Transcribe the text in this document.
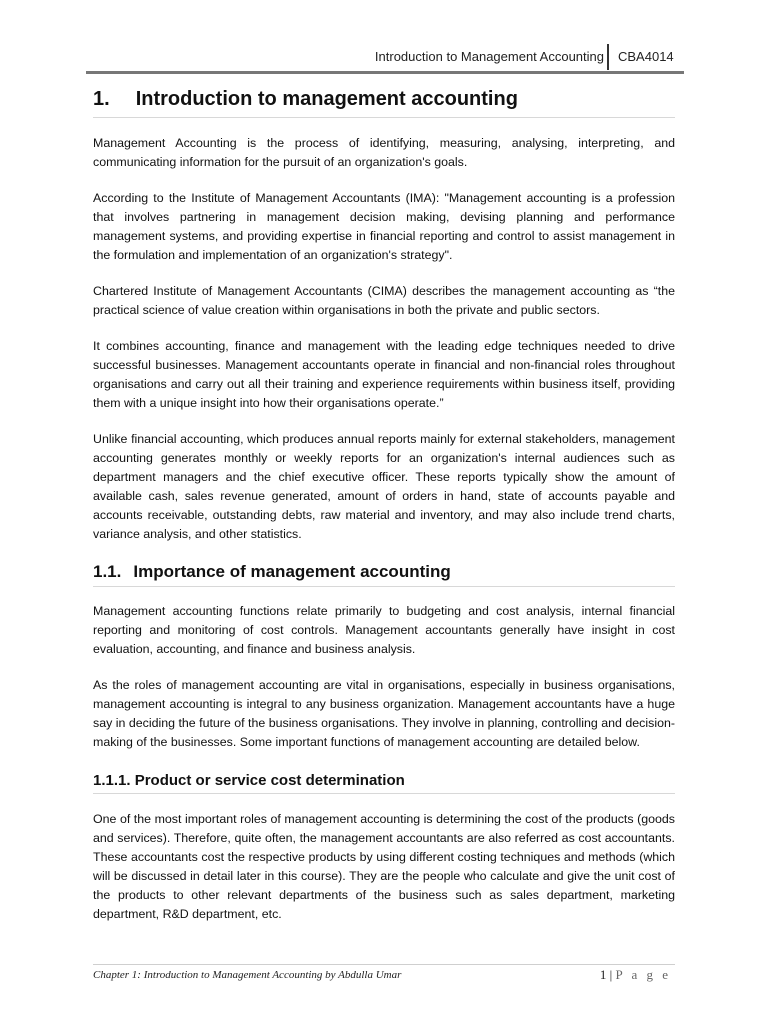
Introduction to Management Accounting CBA4014
1. Introduction to management accounting

Management Accounting is the process of identifying, measuring, analysing, interpreting, and communicating information for the pursuit of an organization's goals.

According to the Institute of Management Accountants (IMA): "Management accounting is a profession that involves partnering in management decision making, devising planning and performance management systems, and providing expertise in financial reporting and control to assist management in the formulation and implementation of an organization's strategy".

Chartered Institute of Management Accountants (CIMA) describes the management accounting as “the practical science of value creation within organisations in both the private and public sectors.

It combines accounting, finance and management with the leading edge techniques needed to drive successful businesses. Management accountants operate in financial and non-financial roles throughout organisations and carry out all their training and experience requirements within business itself, providing them with a unique insight into how their organisations operate.”

Unlike financial accounting, which produces annual reports mainly for external stakeholders, management accounting generates monthly or weekly reports for an organization's internal audiences such as department managers and the chief executive officer. These reports typically show the amount of available cash, sales revenue generated, amount of orders in hand, state of accounts payable and accounts receivable, outstanding debts, raw material and inventory, and may also include trend charts, variance analysis, and other statistics.

1.1. Importance of management accounting

Management accounting functions relate primarily to budgeting and cost analysis, internal financial reporting and monitoring of cost controls. Management accountants generally have insight in cost evaluation, accounting, and finance and business analysis.

As the roles of management accounting are vital in organisations, especially in business organisations, management accounting is integral to any business organization. Management accountants have a huge say in deciding the future of the business organisations. They involve in planning, controlling and decision-making of the businesses. Some important functions of management accounting are detailed below.

1.1.1. Product or service cost determination

One of the most important roles of management accounting is determining the cost of the products (goods and services). Therefore, quite often, the management accountants are also referred as cost accountants. These accountants cost the respective products by using different costing techniques and methods (which will be discussed in detail later in this course). They are the people who calculate and give the unit cost of the products to other relevant departments of the business such as sales department, marketing department, R&D department, etc.

Chapter 1: Introduction to Management Accounting by Abdulla Umar	1 | P a g e
